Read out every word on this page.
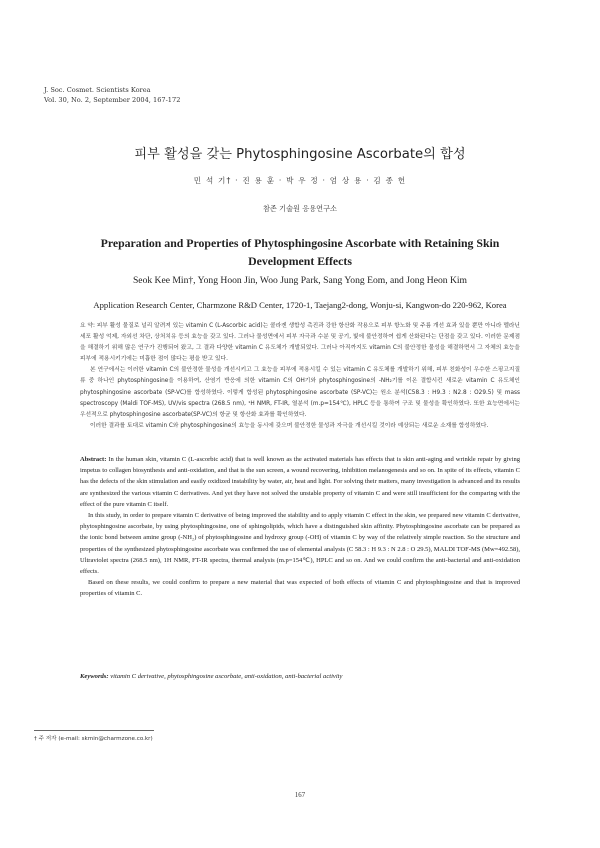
J. Soc. Cosmet. Scientists Korea
Vol. 30, No. 2, September 2004, 167-172
피부 활성을 갖는 Phytosphingosine Ascorbate의 합성
민 석 기† · 진 용 훈 · 박 우 정 · 엄 상 용 · 김 종 헌
참존 기술원 응용연구소
Preparation and Properties of Phytosphingosine Ascorbate with Retaining Skin Development Effects
Seok Kee Min†, Yong Hoon Jin, Woo Jung Park, Sang Yong Eom, and Jong Heon Kim
Application Research Center, Charmzone R&D Center, 1720-1, Taejang2-dong, Wonju-si, Kangwon-do 220-962, Korea

요 약: 피부 활성 물질로 널리 알려져 있는 vitamin C (L-Ascorbic acid)는 콜라겐 생합성 촉진과 강한 항산화 작용으로 피부 항노화 및 주름 개선 효과 있을 뿐만 아니라 멜라닌 세포 활성 억제, 자외선 차단, 상처치유 등의 효능을 갖고 있다. 그러나 물성면에서 피부 자극과 수분 및 공기, 빛에 불안정하여 쉽게 산화된다는 단점을 갖고 있다. 이러한 문제점을 해결하기 위해 많은 연구가 진행되어 왔고, 그 결과 다양한 vitamin C 유도체가 개발되었다. 그러나 아직까지도 vitamin C의 불안정한 물성을 해결하면서 그 자체의 효능을 피부에 적용시키기에는 미흡한 점이 많다는 평을 받고 있다.

본 연구에서는 이러한 vitamin C의 불안정한 물성을 개선시키고 그 효능을 피부에 적용시킬 수 있는 vitamin C 유도체를 개발하기 위해, 피부 친화성이 우수한 스핑고지질류 중 하나인 phytosphingosine을 이용하여, 산염기 반응에 의한 vitamin C의 OH기와 phytosphingosine의 -NH₂기를 이온 결합시킨 새로운 vitamin C 유도체인 phytosphingosine ascorbate (SP-VC)를 합성하였다. 이렇게 합성된 phytosphingosine ascorbate (SP-VC)는 원소 분석(C58.3 : H9.3 : N2.8 : O29.5) 및 mass spectroscopy (Maldi TOF-MS), UV/vis spectra (268.5 nm), ¹H NMR, FT-IR, 열분석 (m.p=154℃), HPLC 등을 통하여 구조 및 물성을 확인하였다. 또한 효능면에서는 우선적으로 phytosphingosine ascorbate(SP-VC)의 항균 및 항산화 효과를 확인하였다.

이러한 결과를 토대로 vitamin C와 phytosphingosine의 효능을 동시에 갖으며 불안정한 물성과 자극을 개선시킬 것이라 예상되는 새로운 소재를 합성하였다.

Abstract: In the human skin, vitamin C (L-ascorbic acid) that is well known as the activated materials has effects that is skin anti-aging and wrinkle repair by giving impetus to collagen biosynthesis and anti-oxidation, and that is the sun screen, a wound recovering, inhibition melanogenesis and so on. In spite of its effects, vitamin C has the defects of the skin stimulation and easily oxidized instability by water, air, heat and light. For solving their matters, many investigation is advanced and its results are synthesized the various vitamin C derivatives. And yet they have not solved the unstable property of vitamin C and were still insufficient for the comparing with the effect of the pure vitamin C itself.

In this study, in order to prepare vitamin C derivative of being improved the stability and to apply vitamin C effect in the skin, we prepared new vitamin C derivative, phytosphingosine ascorbate, by using phytosphingosine, one of sphingolipids, which have a distinguished skin affinity. Phytosphingosine ascorbate can be prepared as the ionic bond between amine group (-NH₂) of phytosphingosine and hydroxy group (-OH) of vitamin C by way of the relatively simple reaction. So the structure and properties of the synthesized phytosphingosine ascorbate was confirmed the use of elemental analysis (C 58.3 : H 9.3 : N 2.8 : O 29.5), MALDI TOF-MS (Mw=492.58), Ultraviolet spectra (268.5 nm), 1H NMR, FT-IR spectra, thermal analysis (m.p=154℃), HPLC and so on. And we could confirm the anti-bacterial and anti-oxidation effects.

Based on these results, we could confirm to prepare a new material that was expected of both effects of vitamin C and phytosphingosine and that is improved properties of vitamin C.

Keywords: vitamin C derivative, phytosphingosine ascorbate, anti-oxidation, anti-bacterial activity
† 주 저자 (e-mail: skmin@charmzone.co.kr)
167
